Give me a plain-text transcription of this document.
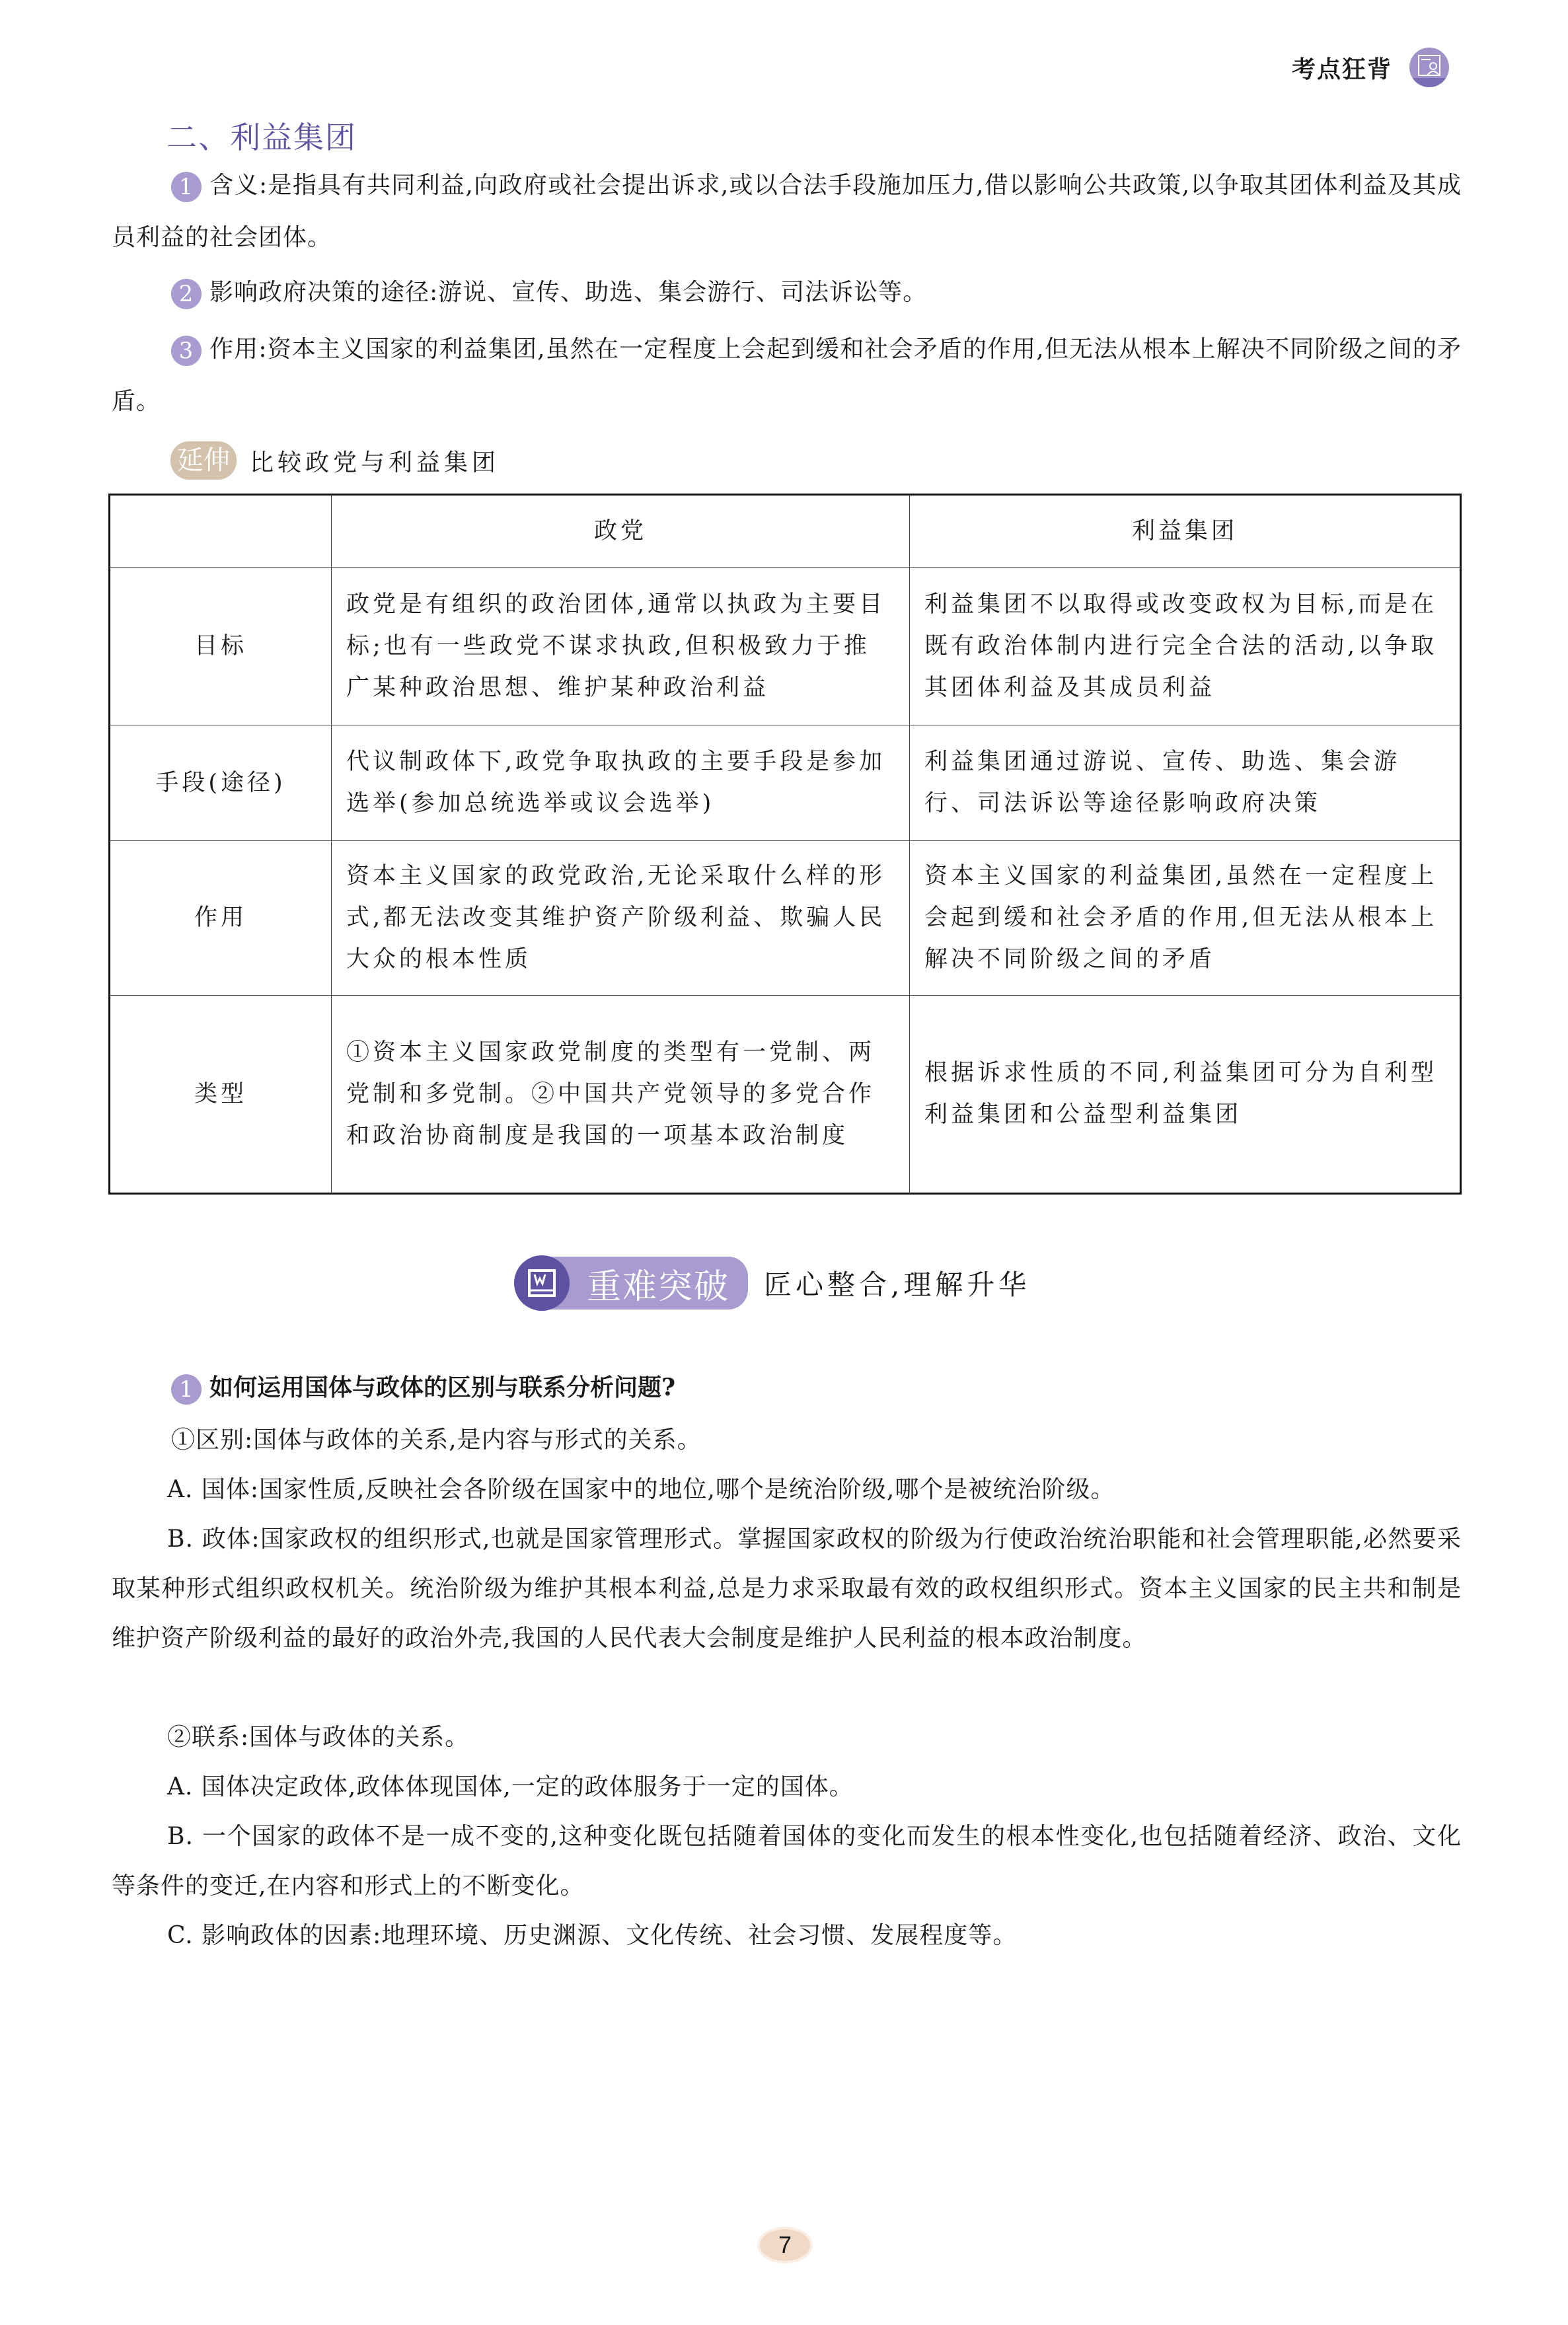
考点狂背
二、利益集团

1 含义:是指具有共同利益,向政府或社会提出诉求,或以合法手段施加压力,借以影响公共政策,以争取其团体利益及其成员利益的社会团体。

2 影响政府决策的途径:游说、宣传、助选、集会游行、司法诉讼等。

3 作用:资本主义国家的利益集团,虽然在一定程度上会起到缓和社会矛盾的作用,但无法从根本上解决不同阶级之间的矛盾。

延伸 比较政党与利益集团
	政党	利益集团
目标	政党是有组织的政治团体,通常以执政为主要目标;也有一些政党不谋求执政,但积极致力于推广某种政治思想、维护某种政治利益	利益集团不以取得或改变政权为目标,而是在既有政治体制内进行完全合法的活动,以争取其团体利益及其成员利益
手段(途径)	代议制政体下,政党争取执政的主要手段是参加选举(参加总统选举或议会选举)	利益集团通过游说、宣传、助选、集会游行、司法诉讼等途径影响政府决策
作用	资本主义国家的政党政治,无论采取什么样的形式,都无法改变其维护资产阶级利益、欺骗人民大众的根本性质	资本主义国家的利益集团,虽然在一定程度上会起到缓和社会矛盾的作用,但无法从根本上解决不同阶级之间的矛盾
类型	①资本主义国家政党制度的类型有一党制、两党制和多党制。②中国共产党领导的多党合作和政治协商制度是我国的一项基本政治制度	根据诉求性质的不同,利益集团可分为自利型利益集团和公益型利益集团
重难突破	匠心整合,理解升华
1 如何运用国体与政体的区别与联系分析问题?

①区别:国体与政体的关系,是内容与形式的关系。

A. 国体:国家性质,反映社会各阶级在国家中的地位,哪个是统治阶级,哪个是被统治阶级。

B. 政体:国家政权的组织形式,也就是国家管理形式。掌握国家政权的阶级为行使政治统治职能和社会管理职能,必然要采取某种形式组织政权机关。统治阶级为维护其根本利益,总是力求采取最有效的政权组织形式。资本主义国家的民主共和制是维护资产阶级利益的最好的政治外壳,我国的人民代表大会制度是维护人民利益的根本政治制度。

②联系:国体与政体的关系。

A. 国体决定政体,政体体现国体,一定的政体服务于一定的国体。

B. 一个国家的政体不是一成不变的,这种变化既包括随着国体的变化而发生的根本性变化,也包括随着经济、政治、文化等条件的变迁,在内容和形式上的不断变化。

C. 影响政体的因素:地理环境、历史渊源、文化传统、社会习惯、发展程度等。

7
